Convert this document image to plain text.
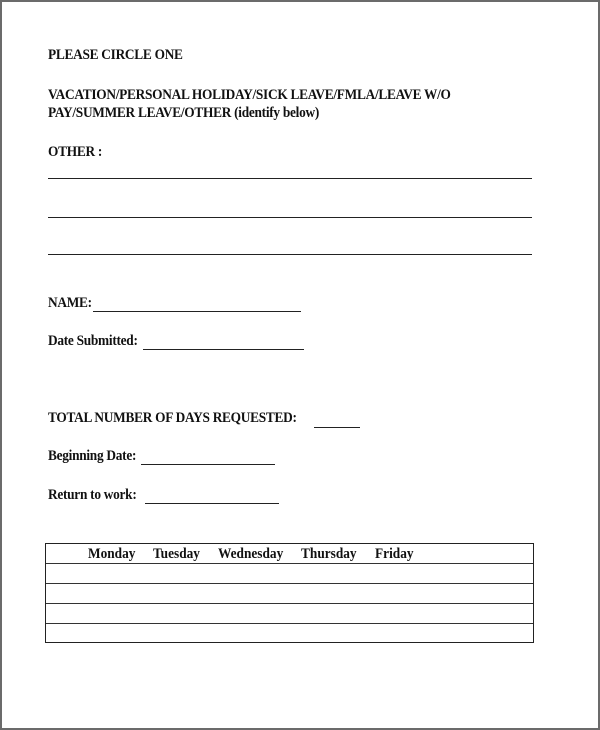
PLEASE CIRCLE ONE
VACATION/PERSONAL HOLIDAY/SICK LEAVE/FMLA/LEAVE W/O
PAY/SUMMER LEAVE/OTHER (identify below)
OTHER :
NAME:
Date Submitted:
TOTAL NUMBER OF DAYS REQUESTED:
Beginning Date:
Return to work:
Monday Tuesday Wednesday Thursday Friday
